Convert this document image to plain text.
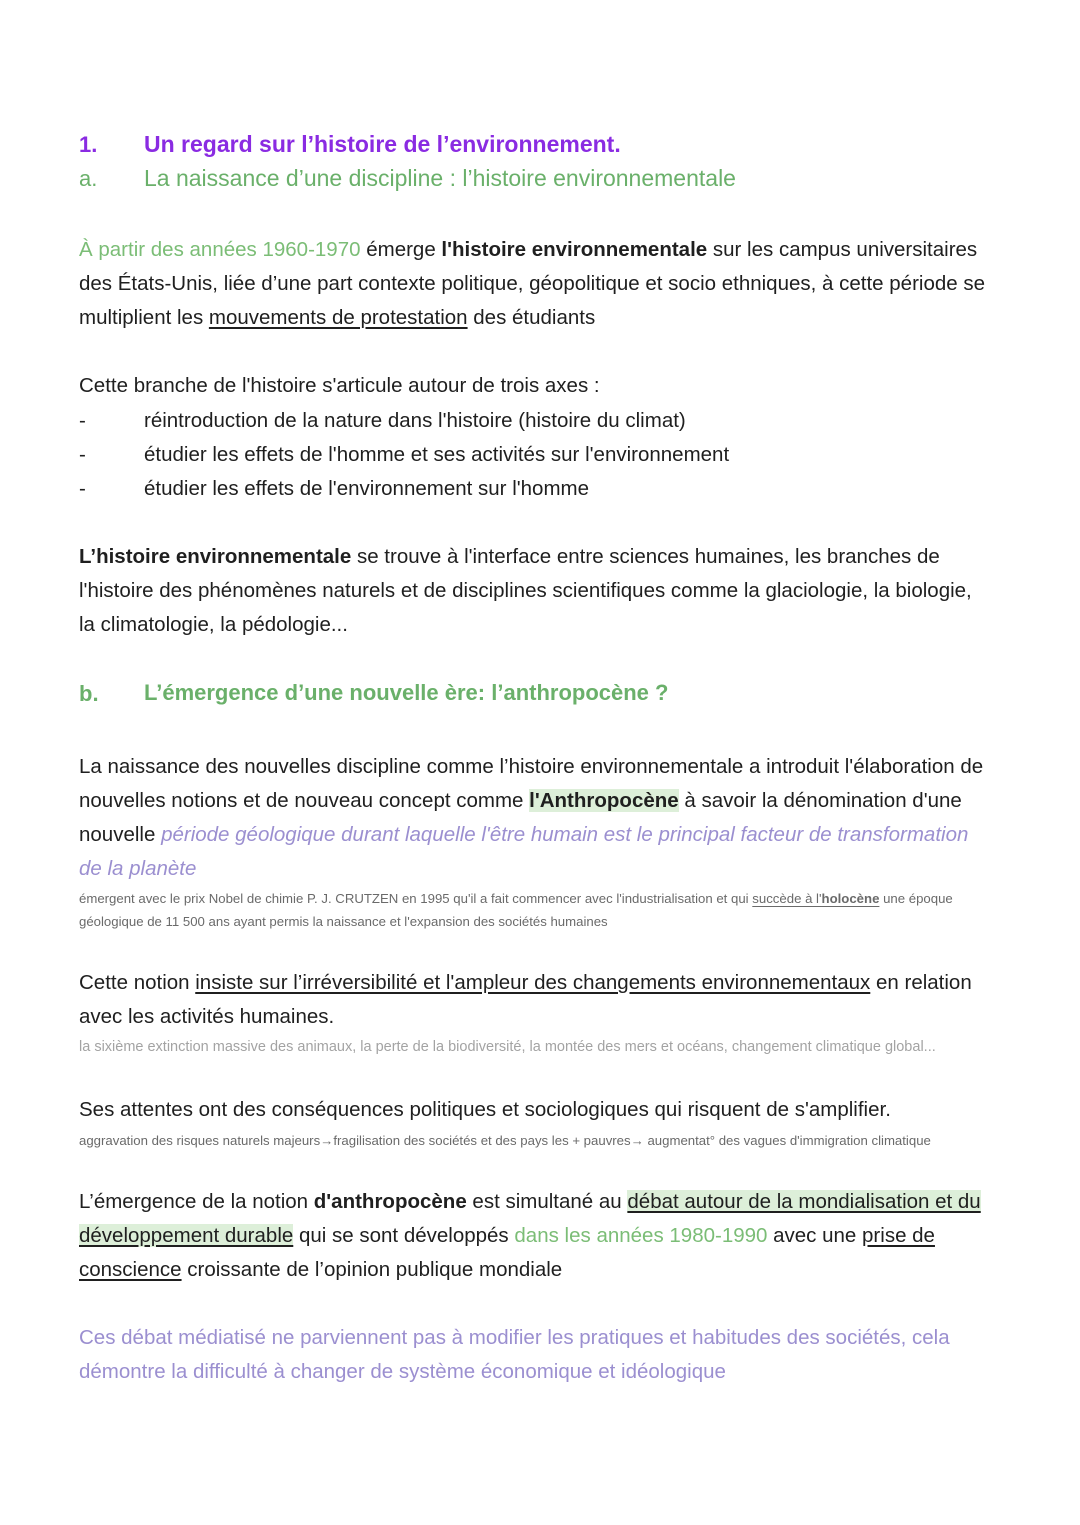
1. Un regard sur l’histoire de l’environnement.
a. La naissance d’une discipline : l’histoire environnementale
À partir des années 1960-1970 émerge l'histoire environnementale sur les campus universitaires
des États-Unis, liée d’une part contexte politique, géopolitique et socio ethniques, à cette période se
multiplient les mouvements de protestation des étudiants
Cette branche de l'histoire s'articule autour de trois axes :
-	réintroduction de la nature dans l'histoire (histoire du climat)
-	étudier les effets de l'homme et ses activités sur l'environnement
-	étudier les effets de l'environnement sur l'homme
L’histoire environnementale se trouve à l'interface entre sciences humaines, les branches de
l'histoire des phénomènes naturels et de disciplines scientifiques comme la glaciologie, la biologie,
la climatologie, la pédologie...
b. L’émergence d’une nouvelle ère: l’anthropocène ?
La naissance des nouvelles discipline comme l’histoire environnementale a introduit l'élaboration de
nouvelles notions et de nouveau concept comme l'Anthropocène à savoir la dénomination d'une
nouvelle période géologique durant laquelle l'être humain est le principal facteur de transformation
de la planète
émergent avec le prix Nobel de chimie P. J. CRUTZEN en 1995 qu'il a fait commencer avec l'industrialisation et qui succède à l'holocène une époque
géologique de 11 500 ans ayant permis la naissance et l'expansion des sociétés humaines
Cette notion insiste sur l’irréversibilité et l'ampleur des changements environnementaux en relation
avec les activités humaines.
la sixième extinction massive des animaux, la perte de la biodiversité, la montée des mers et océans, changement climatique global...
Ses attentes ont des conséquences politiques et sociologiques qui risquent de s'amplifier.
aggravation des risques naturels majeurs→fragilisation des sociétés et des pays les + pauvres→ augmentat° des vagues d'immigration climatique
L’émergence de la notion d'anthropocène est simultané au débat autour de la mondialisation et du
développement durable qui se sont développés dans les années 1980-1990 avec une prise de
conscience croissante de l’opinion publique mondiale
Ces débat médiatisé ne parviennent pas à modifier les pratiques et habitudes des sociétés, cela
démontre la difficulté à changer de système économique et idéologique
